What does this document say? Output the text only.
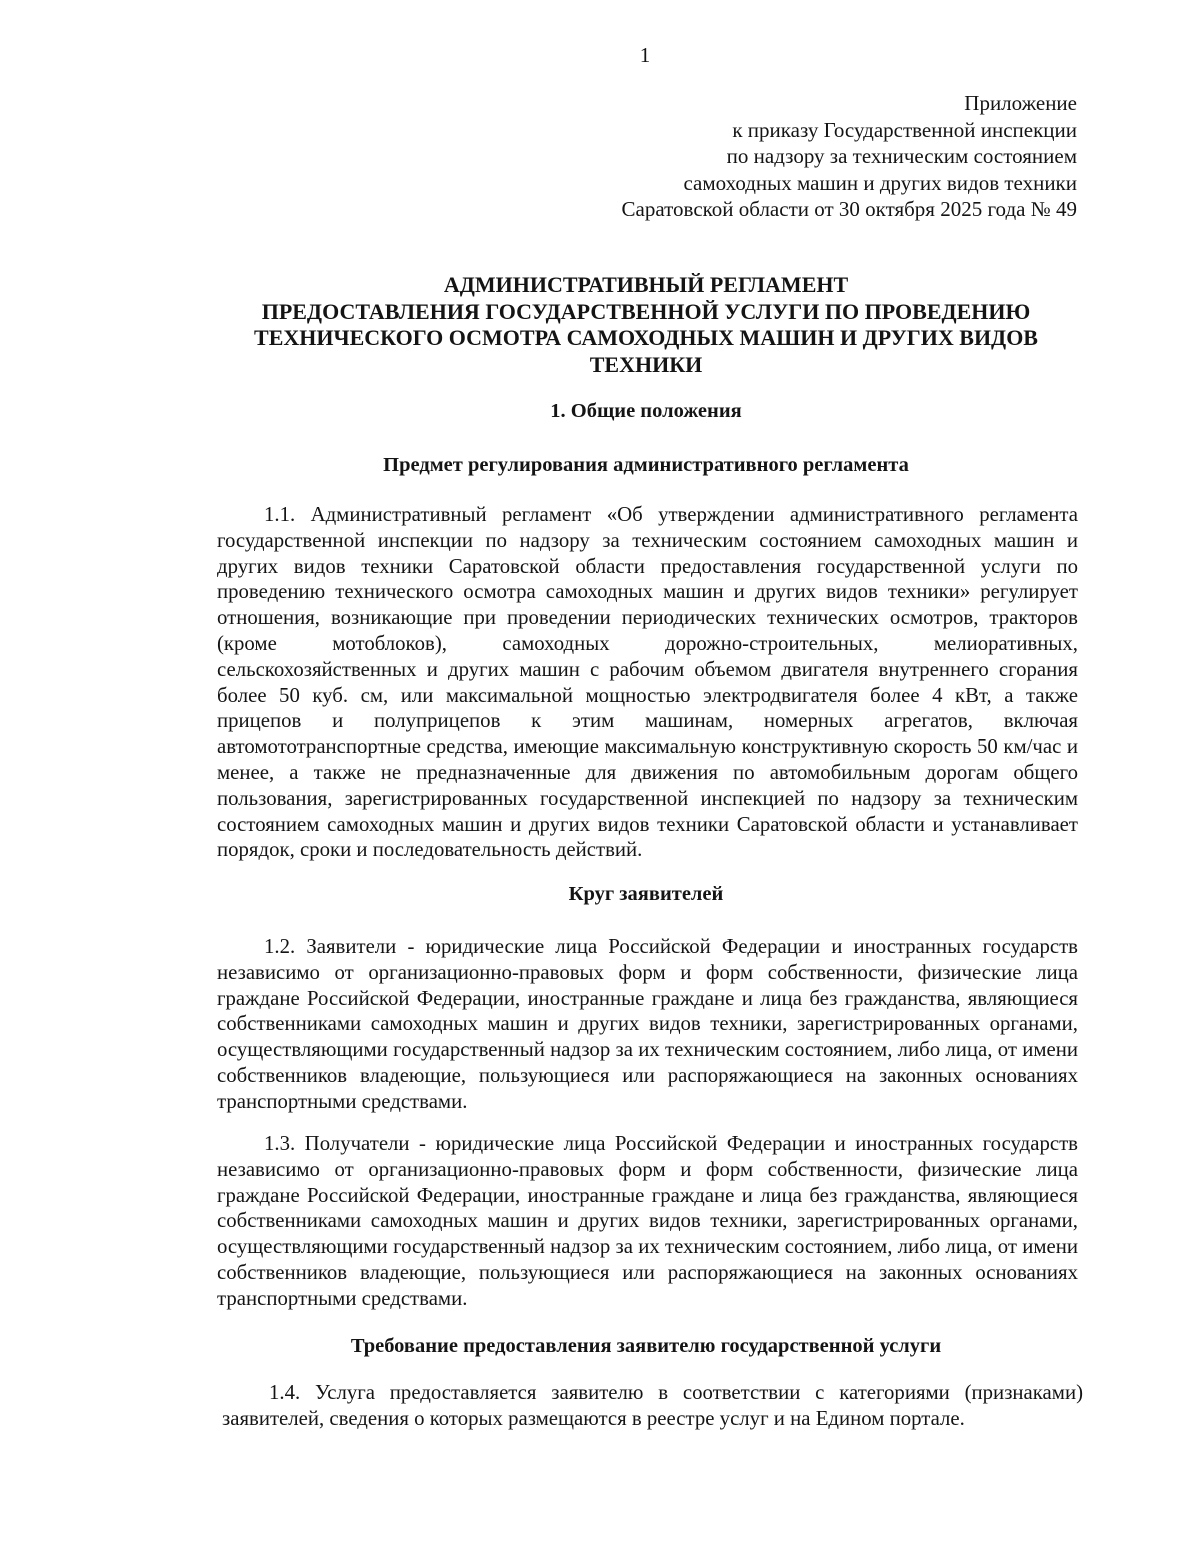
1
Приложение
к приказу Государственной инспекции
по надзору за техническим состоянием
самоходных машин и других видов техники
Саратовской области от 30 октября 2025 года № 49
АДМИНИСТРАТИВНЫЙ РЕГЛАМЕНТ
ПРЕДОСТАВЛЕНИЯ ГОСУДАРСТВЕННОЙ УСЛУГИ ПО ПРОВЕДЕНИЮ
ТЕХНИЧЕСКОГО ОСМОТРА САМОХОДНЫХ МАШИН И ДРУГИХ ВИДОВ
ТЕХНИКИ
1. Общие положения
Предмет регулирования административного регламента

1.1. Административный регламент «Об утверждении административного регламента государственной инспекции по надзору за техническим состоянием самоходных машин и других видов техники Саратовской области предоставления государственной услуги по проведению технического осмотра самоходных машин и других видов техники» регулирует отношения, возникающие при проведении периодических технических осмотров, тракторов (кроме мотоблоков), самоходных дорожно-строительных, мелиоративных, сельскохозяйственных и других машин с рабочим объемом двигателя внутреннего сгорания более 50 куб. см, или максимальной мощностью электродвигателя более 4 кВт, а также прицепов и полуприцепов к этим машинам, номерных агрегатов, включая автомототранспортные средства, имеющие максимальную конструктивную скорость 50 км/час и менее, а также не предназначенные для движения по автомобильным дорогам общего пользования, зарегистрированных государственной инспекцией по надзору за техническим состоянием самоходных машин и других видов техники Саратовской области и устанавливает порядок, сроки и последовательность действий.

Круг заявителей

1.2. Заявители - юридические лица Российской Федерации и иностранных государств независимо от организационно-правовых форм и форм собственности, физические лица граждане Российской Федерации, иностранные граждане и лица без гражданства, являющиеся собственниками самоходных машин и других видов техники, зарегистрированных органами, осуществляющими государственный надзор за их техническим состоянием, либо лица, от имени собственников владеющие, пользующиеся или распоряжающиеся на законных основаниях транспортными средствами.

1.3. Получатели - юридические лица Российской Федерации и иностранных государств независимо от организационно-правовых форм и форм собственности, физические лица граждане Российской Федерации, иностранные граждане и лица без гражданства, являющиеся собственниками самоходных машин и других видов техники, зарегистрированных органами, осуществляющими государственный надзор за их техническим состоянием, либо лица, от имени собственников владеющие, пользующиеся или распоряжающиеся на законных основаниях транспортными средствами.

Требование предоставления заявителю государственной услуги

1.4. Услуга предоставляется заявителю в соответствии с категориями (признаками) заявителей, сведения о которых размещаются в реестре услуг и на Едином портале.
